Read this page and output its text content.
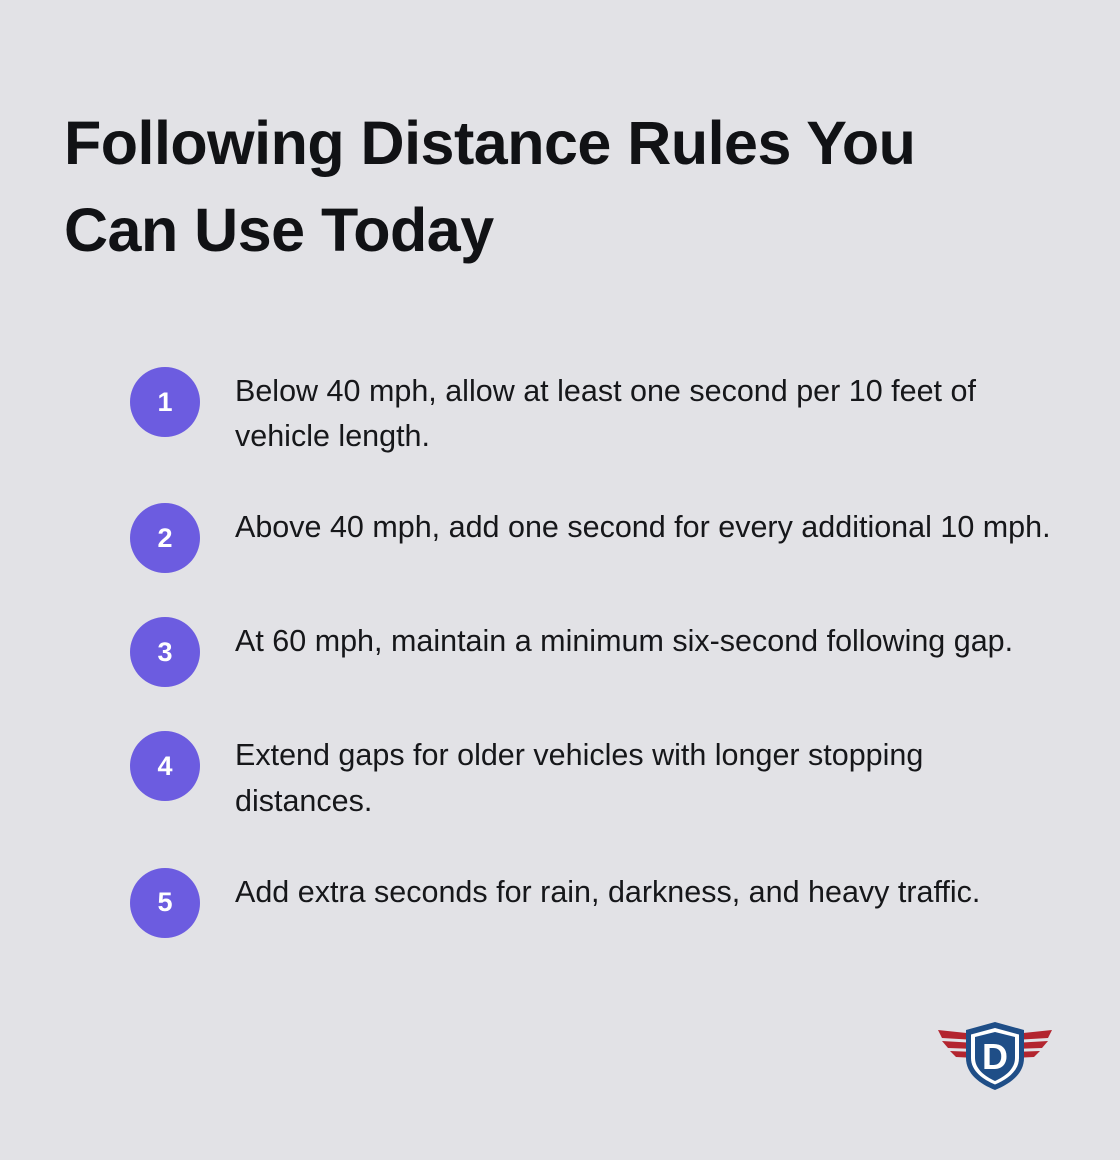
Following Distance Rules You Can Use Today
1	Below 40 mph, allow at least one second per 10 feet of vehicle length.
2	Above 40 mph, add one second for every additional 10 mph.
3	At 60 mph, maintain a minimum six-second following gap.
4	Extend gaps for older vehicles with longer stopping distances.
5	Add extra seconds for rain, darkness, and heavy traffic.
D
